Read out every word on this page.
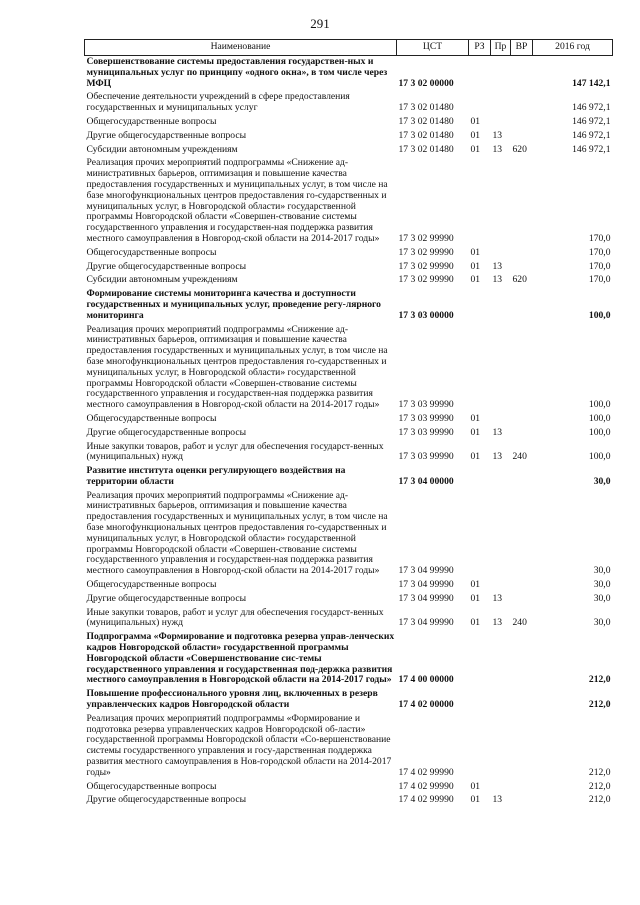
291
Наименование	ЦСТ	РЗ	Пр	ВР	2016 год
Совершенствование системы предоставления государствен-ных и муниципальных услуг по принципу «одного окна», в том числе через МФЦ	17 3 02 00000				147 142,1
Обеспечение деятельности учреждений в сфере предоставления государственных и муниципальных услуг	17 3 02 01480				146 972,1
Общегосударственные вопросы	17 3 02 01480	01			146 972,1
Другие общегосударственные вопросы	17 3 02 01480	01	13		146 972,1
Субсидии автономным учреждениям	17 3 02 01480	01	13	620	146 972,1
Реализация прочих мероприятий подпрограммы «Снижение ад-министративных барьеров, оптимизация и повышение качества предоставления государственных и муниципальных услуг, в том числе на базе многофункциональных центров предоставления го-сударственных и муниципальных услуг, в Новгородской области» государственной программы Новгородской области «Совершен-ствование системы государственного управления и государствен-ная поддержка развития местного самоуправления в Новгород-ской области на 2014-2017 годы»	17 3 02 99990				170,0
Общегосударственные вопросы	17 3 02 99990	01			170,0
Другие общегосударственные вопросы	17 3 02 99990	01	13		170,0
Субсидии автономным учреждениям	17 3 02 99990	01	13	620	170,0
Формирование системы мониторинга качества и доступности государственных и муниципальных услуг, проведение регу-лярного мониторинга	17 3 03 00000				100,0
Реализация прочих мероприятий подпрограммы «Снижение ад-министративных барьеров, оптимизация и повышение качества предоставления государственных и муниципальных услуг, в том числе на базе многофункциональных центров предоставления го-сударственных и муниципальных услуг, в Новгородской области» государственной программы Новгородской области «Совершен-ствование системы государственного управления и государствен-ная поддержка развития местного самоуправления в Новгород-ской области на 2014-2017 годы»	17 3 03 99990				100,0
Общегосударственные вопросы	17 3 03 99990	01			100,0
Другие общегосударственные вопросы	17 3 03 99990	01	13		100,0
Иные закупки товаров, работ и услуг для обеспечения государст-венных (муниципальных) нужд	17 3 03 99990	01	13	240	100,0
Развитие института оценки регулирующего воздействия на территории области	17 3 04 00000				30,0
Реализация прочих мероприятий подпрограммы «Снижение ад-министративных барьеров, оптимизация и повышение качества предоставления государственных и муниципальных услуг, в том числе на базе многофункциональных центров предоставления го-сударственных и муниципальных услуг, в Новгородской области» государственной программы Новгородской области «Совершен-ствование системы государственного управления и государствен-ная поддержка развития местного самоуправления в Новгород-ской области на 2014-2017 годы»	17 3 04 99990				30,0
Общегосударственные вопросы	17 3 04 99990	01			30,0
Другие общегосударственные вопросы	17 3 04 99990	01	13		30,0
Иные закупки товаров, работ и услуг для обеспечения государст-венных (муниципальных) нужд	17 3 04 99990	01	13	240	30,0
Подпрограмма «Формирование и подготовка резерва управ-ленческих кадров Новгородской области» государственной программы Новгородской области «Совершенствование сис-темы государственного управления и государственная под-держка развития местного самоуправления в Новгородской области на 2014-2017 годы»	17 4 00 00000				212,0
Повышение профессионального уровня лиц, включенных в резерв управленческих кадров Новгородской области	17 4 02 00000				212,0
Реализация прочих мероприятий подпрограммы «Формирование и подготовка резерва управленческих кадров Новгородской об-ласти» государственной программы Новгородской области «Со-вершенствование системы государственного управления и госу-дарственная поддержка развития местного самоуправления в Нов-городской области на 2014-2017 годы»	17 4 02 99990				212,0
Общегосударственные вопросы	17 4 02 99990	01			212,0
Другие общегосударственные вопросы	17 4 02 99990	01	13		212,0
